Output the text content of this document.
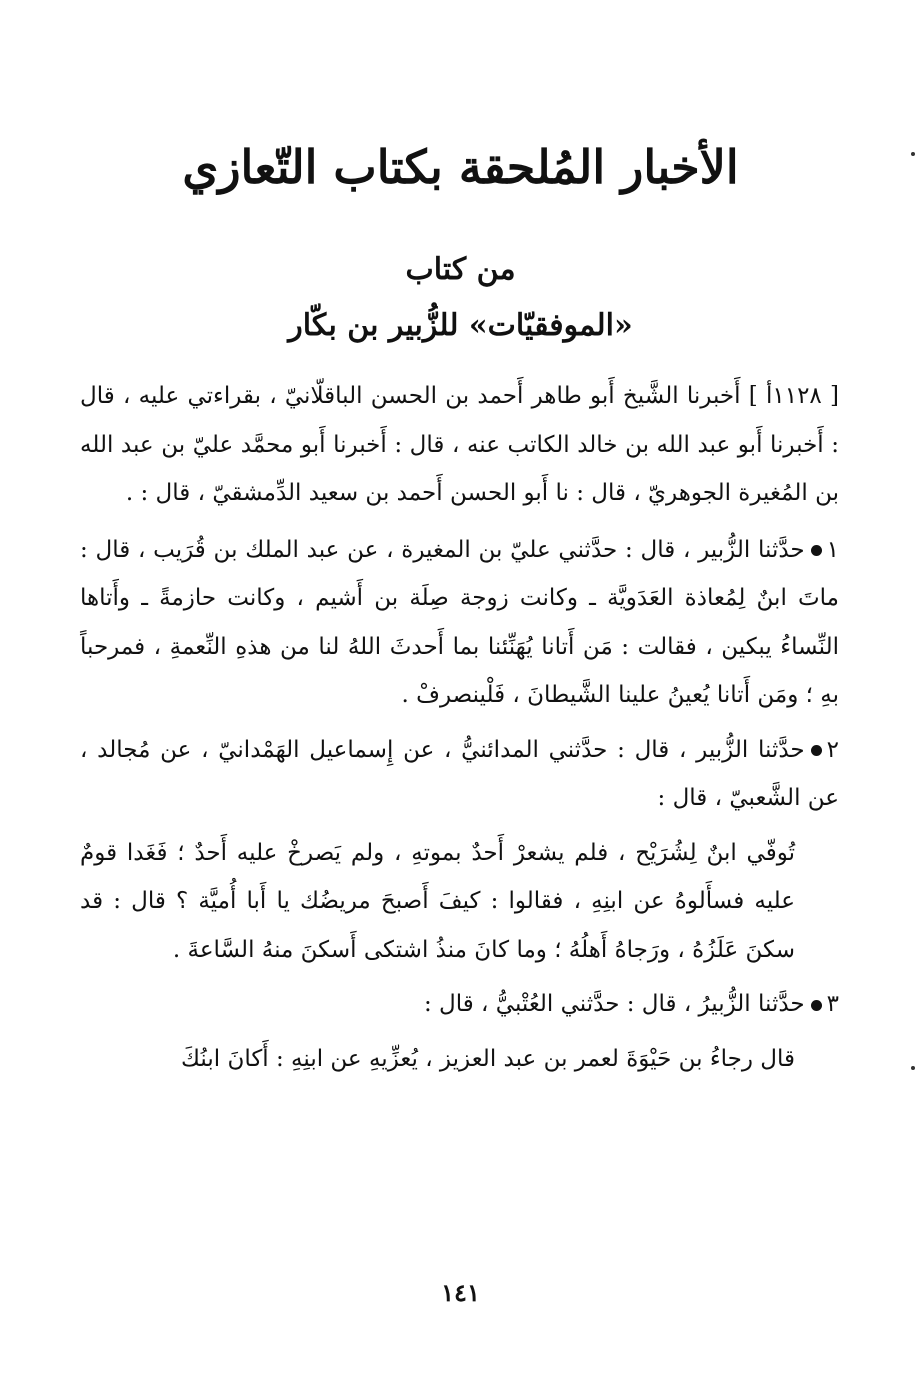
الأخبار المُلحقة بكتاب التّعازي
من كتاب
«الموفقيّات» للزُّبير بن بكّار

[ ١١٢٨أ ] أَخبرنا الشَّيخ أَبو طاهر أَحمد بن الحسن الباقلّانيّ ، بقراءتي عليه ، قال : أَخبرنا أَبو عبد الله بن خالد الكاتب عنه ، قال : أَخبرنا أَبو محمَّد عليّ بن عبد الله بن المُغيرة الجوهريّ ، قال : نا أَبو الحسن أَحمد بن سعيد الدِّمشقيّ ، قال : .

١حدَّثنا الزُّبير ، قال : حدَّثني عليّ بن المغيرة ، عن عبد الملك بن قُرَيب ، قال : ماتَ ابنٌ لِمُعاذة العَدَويَّة ـ وكانت زوجة صِلَة بن أَشيم ، وكانت حازمةً ـ وأَتاها النِّساءُ يبكين ، فقالت : مَن أَتانا يُهَنِّئنا بما أَحدثَ اللهُ لنا من هذهِ النِّعمةِ ، فمرحباً بهِ ؛ ومَن أَتانا يُعينُ علينا الشَّيطانَ ، فَلْينصرفْ .

٢حدَّثنا الزُّبير ، قال : حدَّثني المدائنيُّ ، عن إِسماعيل الهَمْدانيّ ، عن مُجالد ، عن الشَّعبيّ ، قال :

تُوفّي ابنٌ لِشُرَيْح ، فلم يشعرْ أَحدٌ بموتهِ ، ولم يَصرخْ عليه أَحدٌ ؛ فَغَدا قومٌ عليه فسأَلوهُ عن ابنِهِ ، فقالوا : كيفَ أَصبحَ مريضُك يا أَبا أُميَّة ؟ قال : قد سكنَ عَلَزُهُ ، ورَجاهُ أَهلُهُ ؛ وما كانَ منذُ اشتكى أَسكنَ منهُ السَّاعةَ .

٣حدَّثنا الزُّبيرُ ، قال : حدَّثني العُتْبيُّ ، قال :

قال رجاءُ بن حَيْوَةَ لعمر بن عبد العزيز ، يُعزِّيهِ عن ابنِهِ : أَكانَ ابنُكَ

١٤١
